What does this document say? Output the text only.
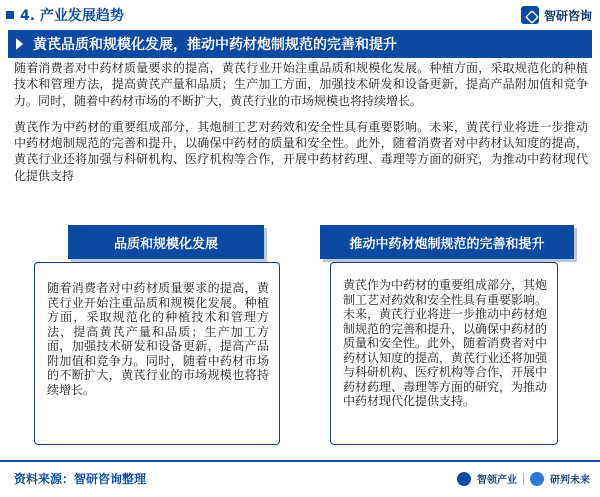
4. 产业发展趋势	智研咨询
黄芪品质和规模化发展，推动中药材炮制规范的完善和提升

随着消费者对中药材质量要求的提高，黄芪行业开始注重品质和规模化发展。种植方面，采取规范化的种植技术和管理方法，提高黄芪产量和品质；生产加工方面，加强技术研发和设备更新，提高产品附加值和竞争力。同时，随着中药材市场的不断扩大，黄芪行业的市场规模也将持续增长。

黄芪作为中药材的重要组成部分，其炮制工艺对药效和安全性具有重要影响。未来，黄芪行业将进一步推动中药材炮制规范的完善和提升，以确保中药材的质量和安全性。此外，随着消费者对中药材认知度的提高，黄芪行业还将加强与科研机构、医疗机构等合作，开展中药材药理、毒理等方面的研究，为推动中药材现代化提供支持

品质和规模化发展	推动中药材炮制规范的完善和提升
随着消费者对中药材质量要求的提高，黄芪行业开始注重品质和规模化发展。种植方面，采取规范化的种植技术和管理方法，提高黄芪产量和品质；生产加工方面，加强技术研发和设备更新，提高产品附加值和竞争力。同时，随着中药材市场的不断扩大，黄芪行业的市场规模也将持续增长。
黄芪作为中药材的重要组成部分，其炮制工艺对药效和安全性具有重要影响。未来，黄芪行业将进一步推动中药材炮制规范的完善和提升，以确保中药材的质量和安全性。此外，随着消费者对中药材认知度的提高，黄芪行业还将加强与科研机构、医疗机构等合作，开展中药材药理、毒理等方面的研究，为推动中药材现代化提供支持。
资料来源：智研咨询整理	智领产业	研判未来
